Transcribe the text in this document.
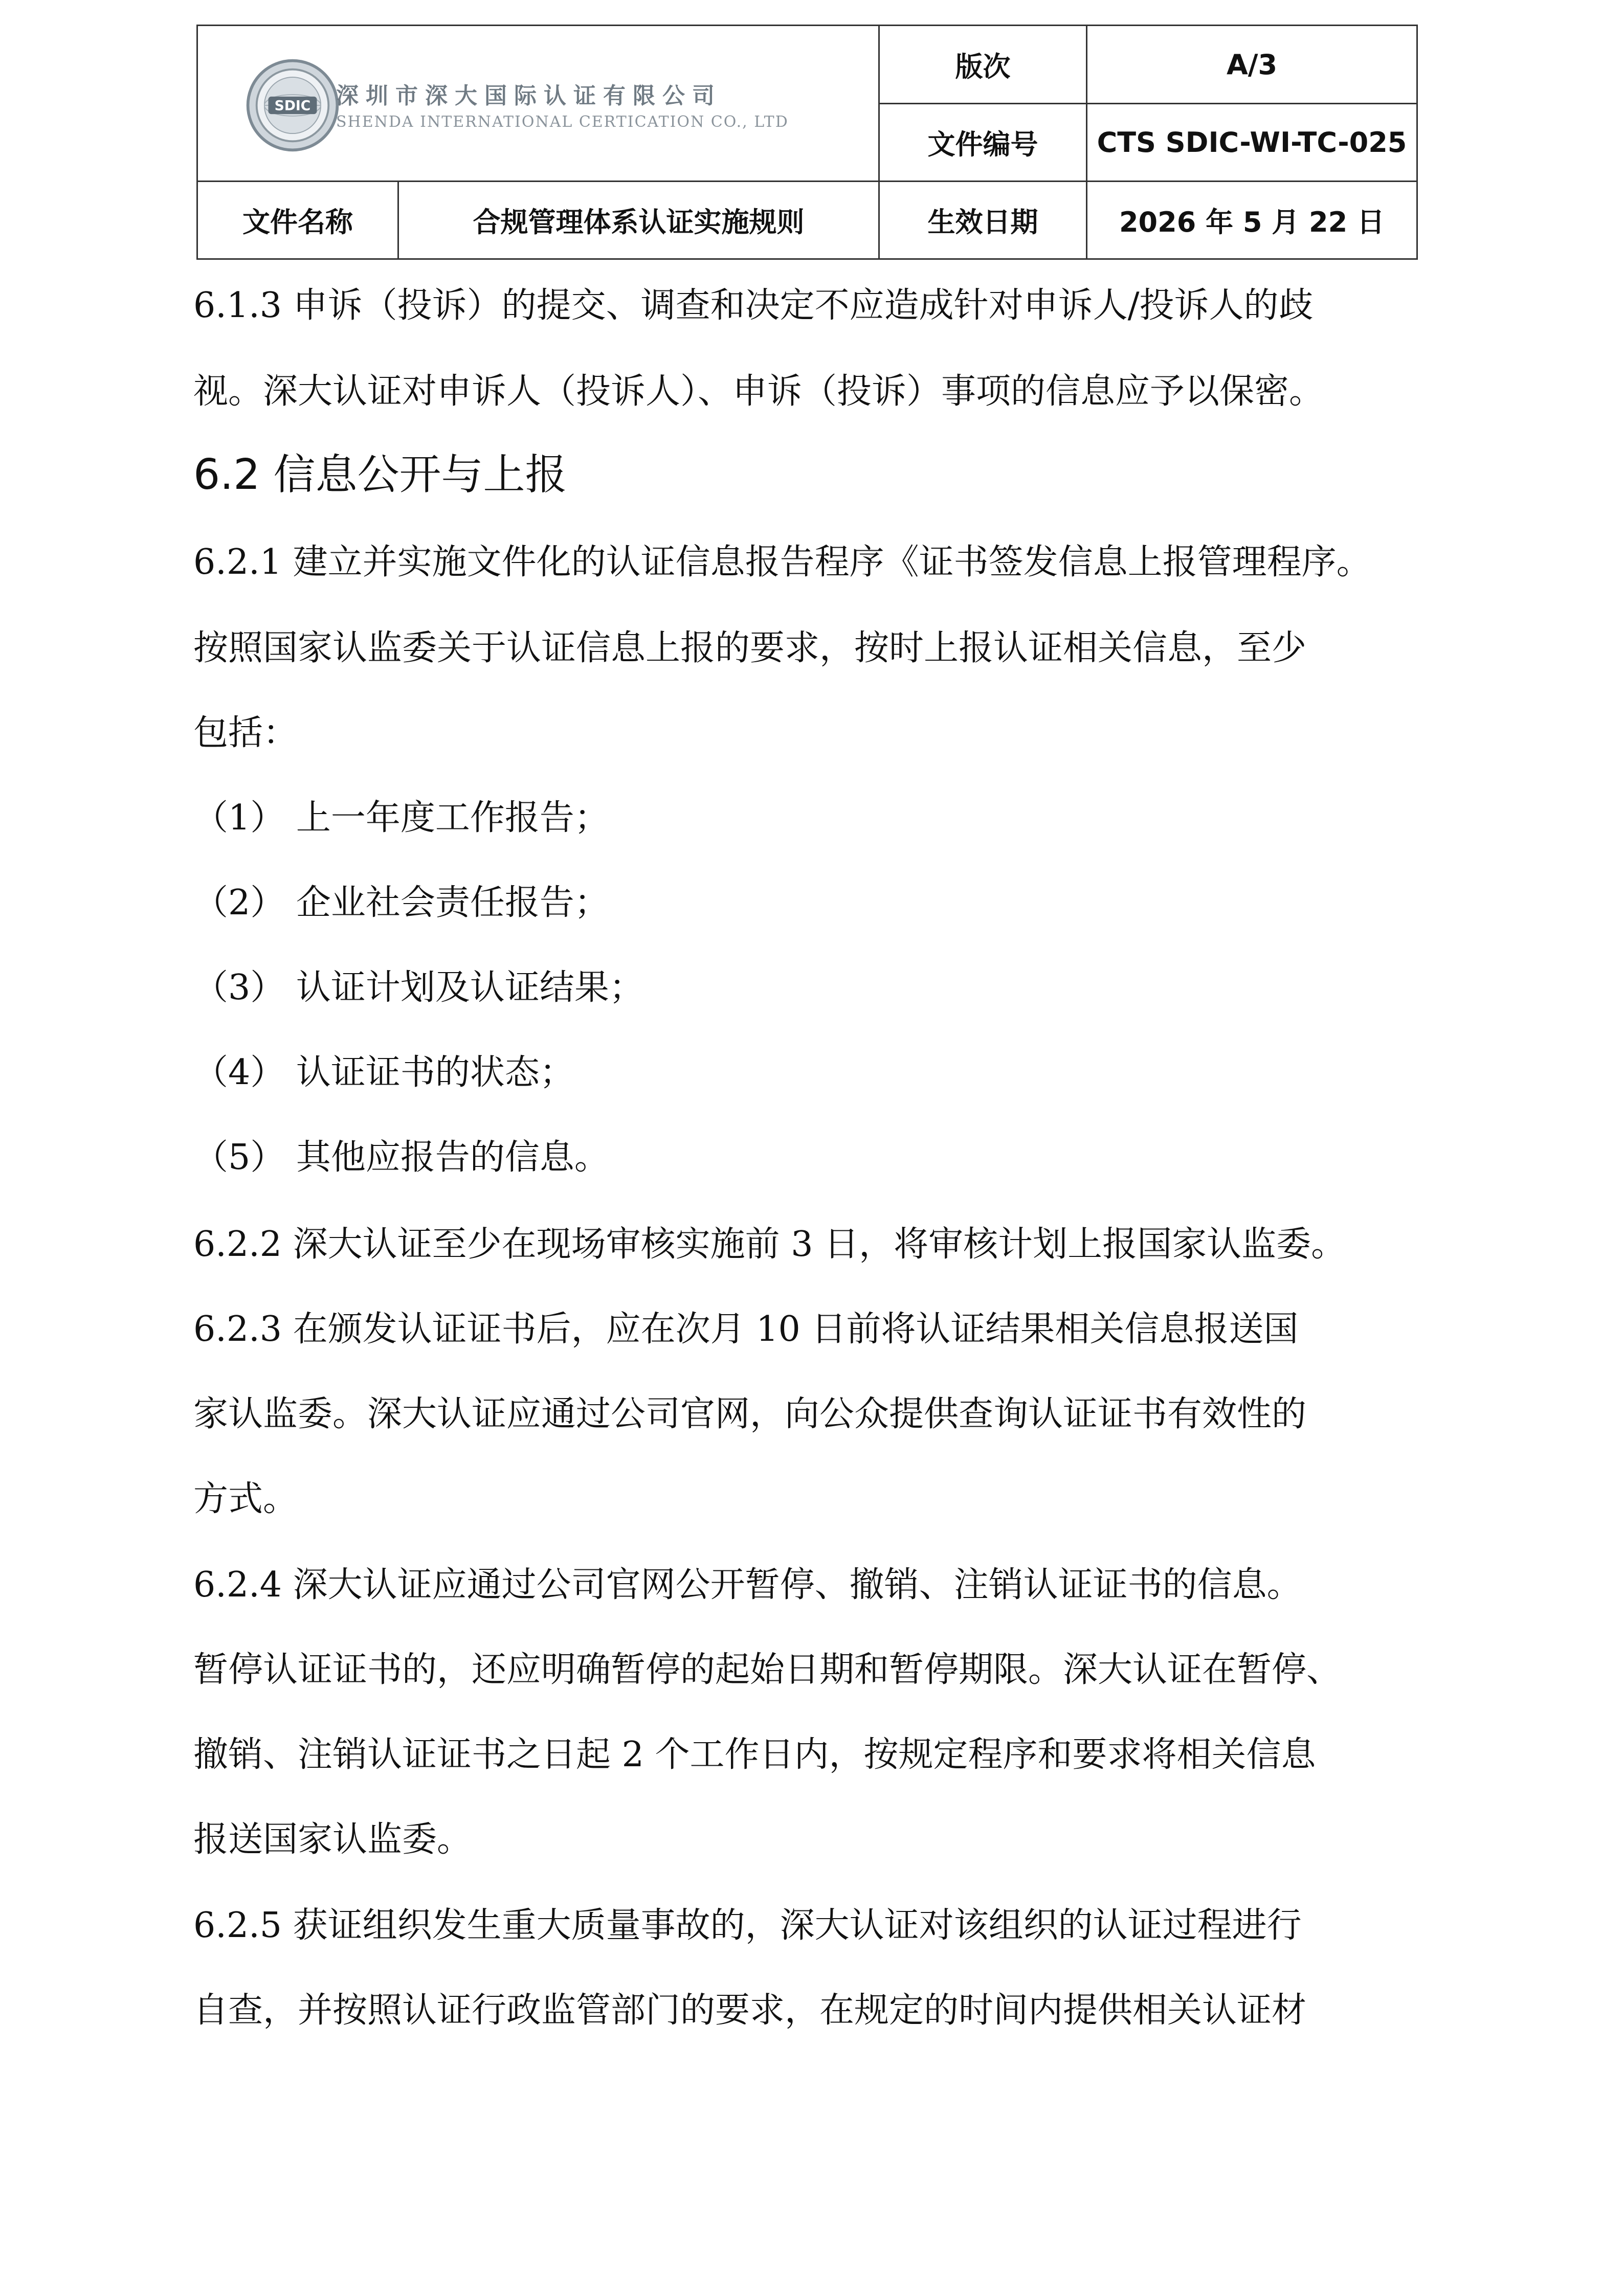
SDIC 深圳市深大国际认证有限公司
SHENDA INTERNATIONAL CERTICATION CO., LTD
版次	A/3
文件编号	CTS SDIC-WI-TC-025
文件名称	合规管理体系认证实施规则	生效日期	2026 年 5 月 22 日
6.1.3 申诉（投诉）的提交、调查和决定不应造成针对申诉人/投诉人的歧
视。深大认证对申诉人（投诉人）、申诉（投诉）事项的信息应予以保密。
6.2 信息公开与上报
6.2.1 建立并实施文件化的认证信息报告程序《证书签发信息上报管理程序。
按照国家认监委关于认证信息上报的要求，按时上报认证相关信息，至少
包括：
（1） 上一年度工作报告；
（2） 企业社会责任报告；
（3） 认证计划及认证结果；
（4） 认证证书的状态；
（5） 其他应报告的信息。
6.2.2 深大认证至少在现场审核实施前 3 日，将审核计划上报国家认监委。
6.2.3 在颁发认证证书后，应在次月 10 日前将认证结果相关信息报送国
家认监委。深大认证应通过公司官网，向公众提供查询认证证书有效性的
方式。
6.2.4 深大认证应通过公司官网公开暂停、撤销、注销认证证书的信息。
暂停认证证书的，还应明确暂停的起始日期和暂停期限。深大认证在暂停、
撤销、注销认证证书之日起 2 个工作日内，按规定程序和要求将相关信息
报送国家认监委。
6.2.5 获证组织发生重大质量事故的，深大认证对该组织的认证过程进行
自查，并按照认证行政监管部门的要求，在规定的时间内提供相关认证材
